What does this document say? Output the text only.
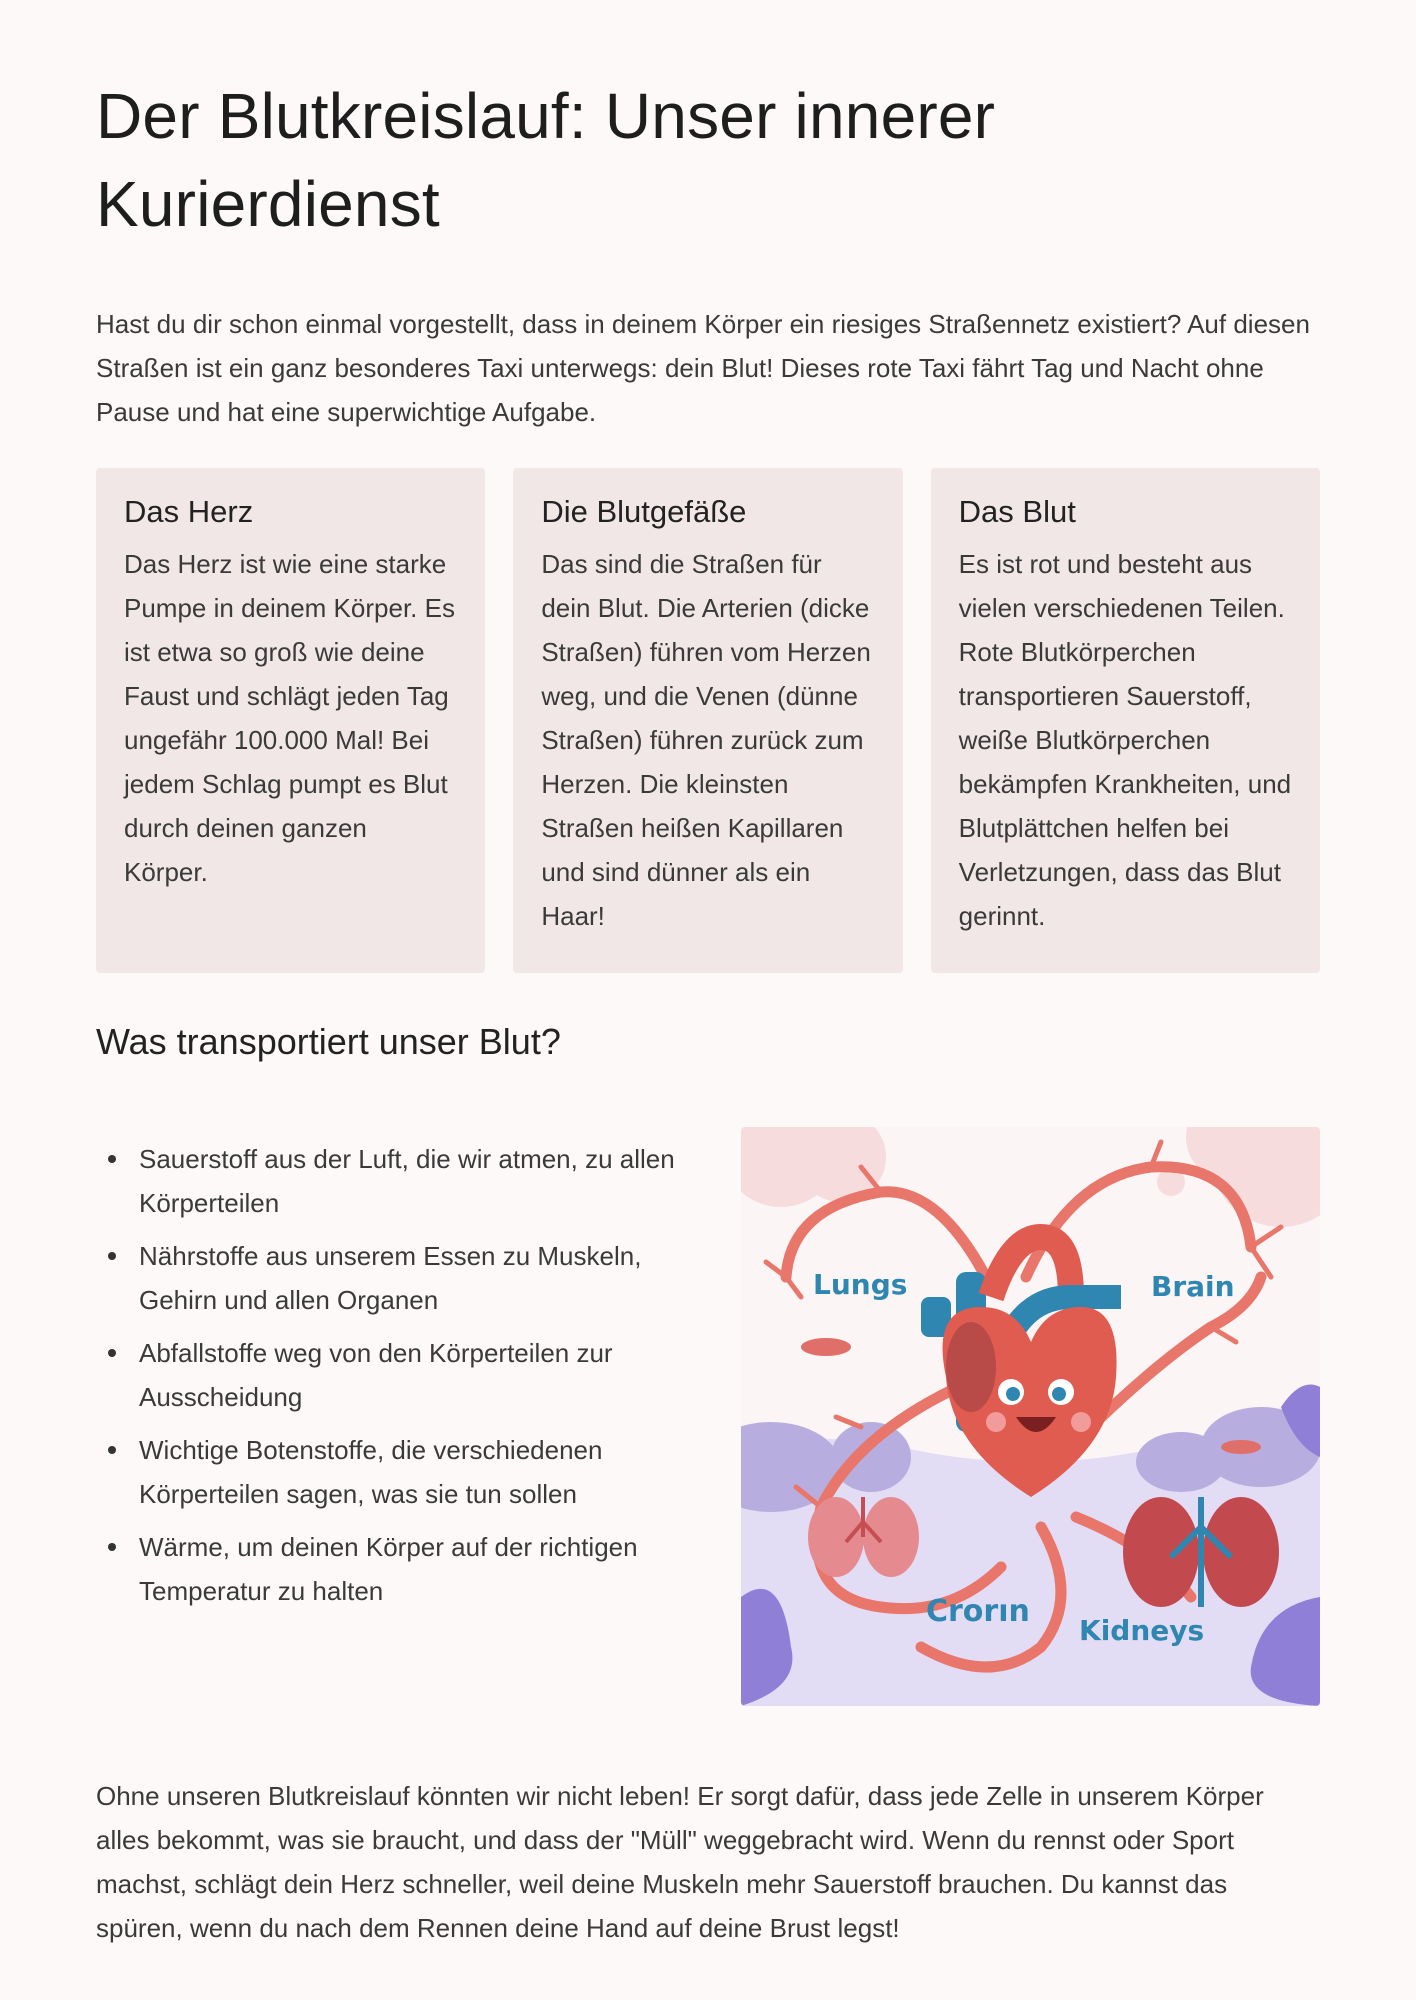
Der Blutkreislauf: Unser innerer Kurierdienst

Hast du dir schon einmal vorgestellt, dass in deinem Körper ein riesiges Straßennetz existiert? Auf diesen Straßen ist ein ganz besonderes Taxi unterwegs: dein Blut! Dieses rote Taxi fährt Tag und Nacht ohne Pause und hat eine superwichtige Aufgabe.

Das Herz

Das Herz ist wie eine starke Pumpe in deinem Körper. Es ist etwa so groß wie deine Faust und schlägt jeden Tag ungefähr 100.000 Mal! Bei jedem Schlag pumpt es Blut durch deinen ganzen Körper.

Die Blutgefäße

Das sind die Straßen für dein Blut. Die Arterien (dicke Straßen) führen vom Herzen weg, und die Venen (dünne Straßen) führen zurück zum Herzen. Die kleinsten Straßen heißen Kapillaren und sind dünner als ein Haar!

Das Blut

Es ist rot und besteht aus vielen verschiedenen Teilen. Rote Blutkörperchen transportieren Sauerstoff, weiße Blutkörperchen bekämpfen Krankheiten, und Blutplättchen helfen bei Verletzungen, dass das Blut gerinnt.

Was transportiert unser Blut?
Sauerstoff aus der Luft, die wir atmen, zu allen Körperteilen
Nährstoffe aus unserem Essen zu Muskeln, Gehirn und allen Organen
Abfallstoffe weg von den Körperteilen zur Ausscheidung
Wichtige Botenstoffe, die verschiedenen Körperteilen sagen, was sie tun sollen
Wärme, um deinen Körper auf der richtigen Temperatur zu halten
Lungs	Brain
Crorın
Kidneys

Ohne unseren Blutkreislauf könnten wir nicht leben! Er sorgt dafür, dass jede Zelle in unserem Körper alles bekommt, was sie braucht, und dass der "Müll" weggebracht wird. Wenn du rennst oder Sport machst, schlägt dein Herz schneller, weil deine Muskeln mehr Sauerstoff brauchen. Du kannst das spüren, wenn du nach dem Rennen deine Hand auf deine Brust legst!
